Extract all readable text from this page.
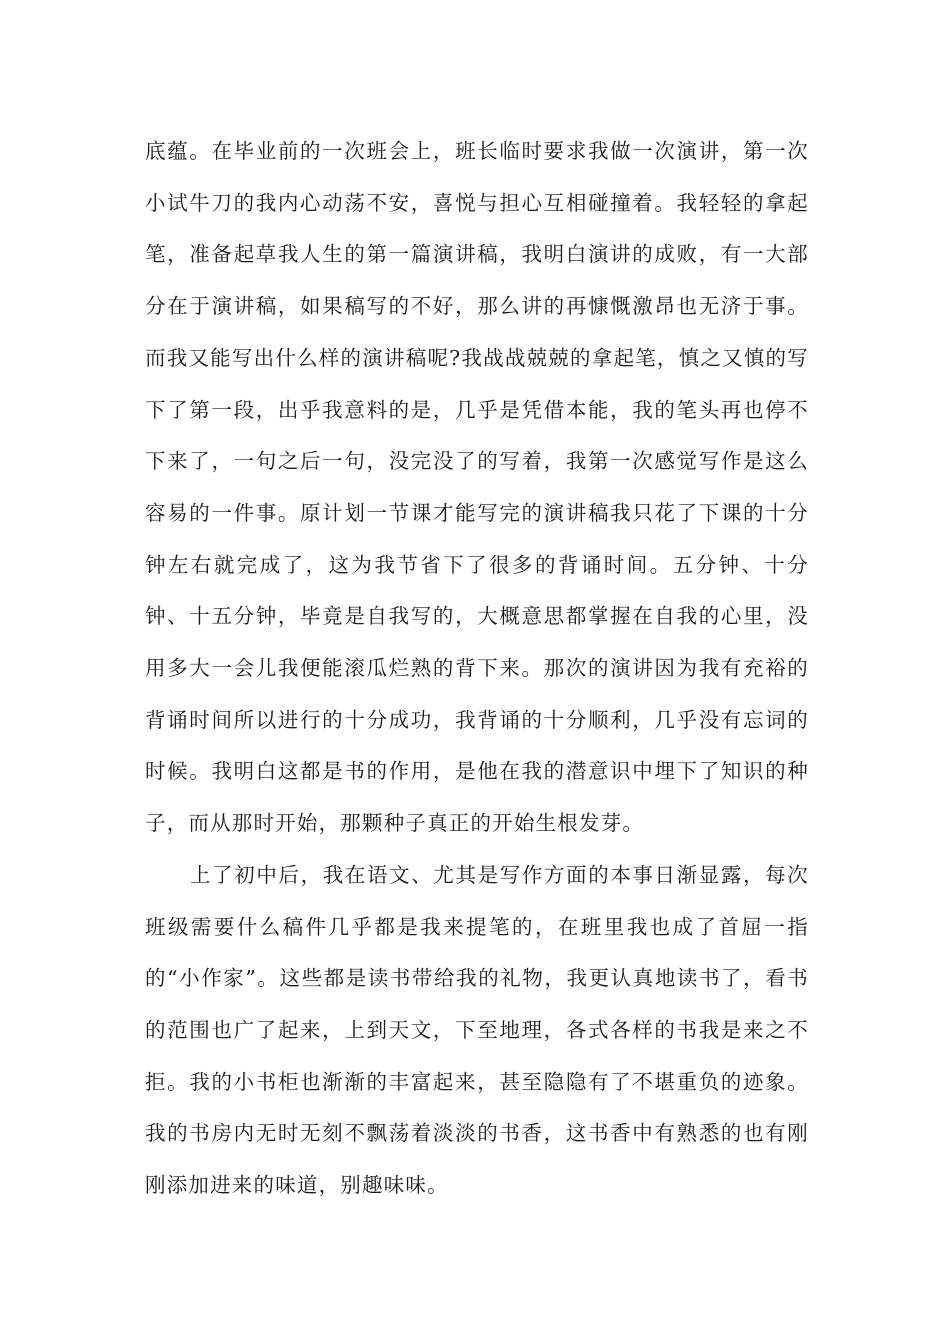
底蕴。在毕业前的一次班会上，班长临时要求我做一次演讲，第一次小试牛刀的我内心动荡不安，喜悦与担心互相碰撞着。我轻轻的拿起笔，准备起草我人生的第一篇演讲稿，我明白演讲的成败，有一大部分在于演讲稿，如果稿写的不好，那么讲的再慷慨激昂也无济于事。而我又能写出什么样的演讲稿呢?我战战兢兢的拿起笔，慎之又慎的写下了第一段，出乎我意料的是，几乎是凭借本能，我的笔头再也停不下来了，一句之后一句，没完没了的写着，我第一次感觉写作是这么容易的一件事。原计划一节课才能写完的演讲稿我只花了下课的十分钟左右就完成了，这为我节省下了很多的背诵时间。五分钟、十分钟、十五分钟，毕竟是自我写的，大概意思都掌握在自我的心里，没用多大一会儿我便能滚瓜烂熟的背下来。那次的演讲因为我有充裕的背诵时间所以进行的十分成功，我背诵的十分顺利，几乎没有忘词的时候。我明白这都是书的作用，是他在我的潜意识中埋下了知识的种子，而从那时开始，那颗种子真正的开始生根发芽。

上了初中后，我在语文、尤其是写作方面的本事日渐显露，每次班级需要什么稿件几乎都是我来提笔的，在班里我也成了首屈一指的“小作家”。这些都是读书带给我的礼物，我更认真地读书了，看书的范围也广了起来，上到天文，下至地理，各式各样的书我是来之不拒。我的小书柜也渐渐的丰富起来，甚至隐隐有了不堪重负的迹象。我的书房内无时无刻不飘荡着淡淡的书香，这书香中有熟悉的也有刚刚添加进来的味道，别趣味味。
